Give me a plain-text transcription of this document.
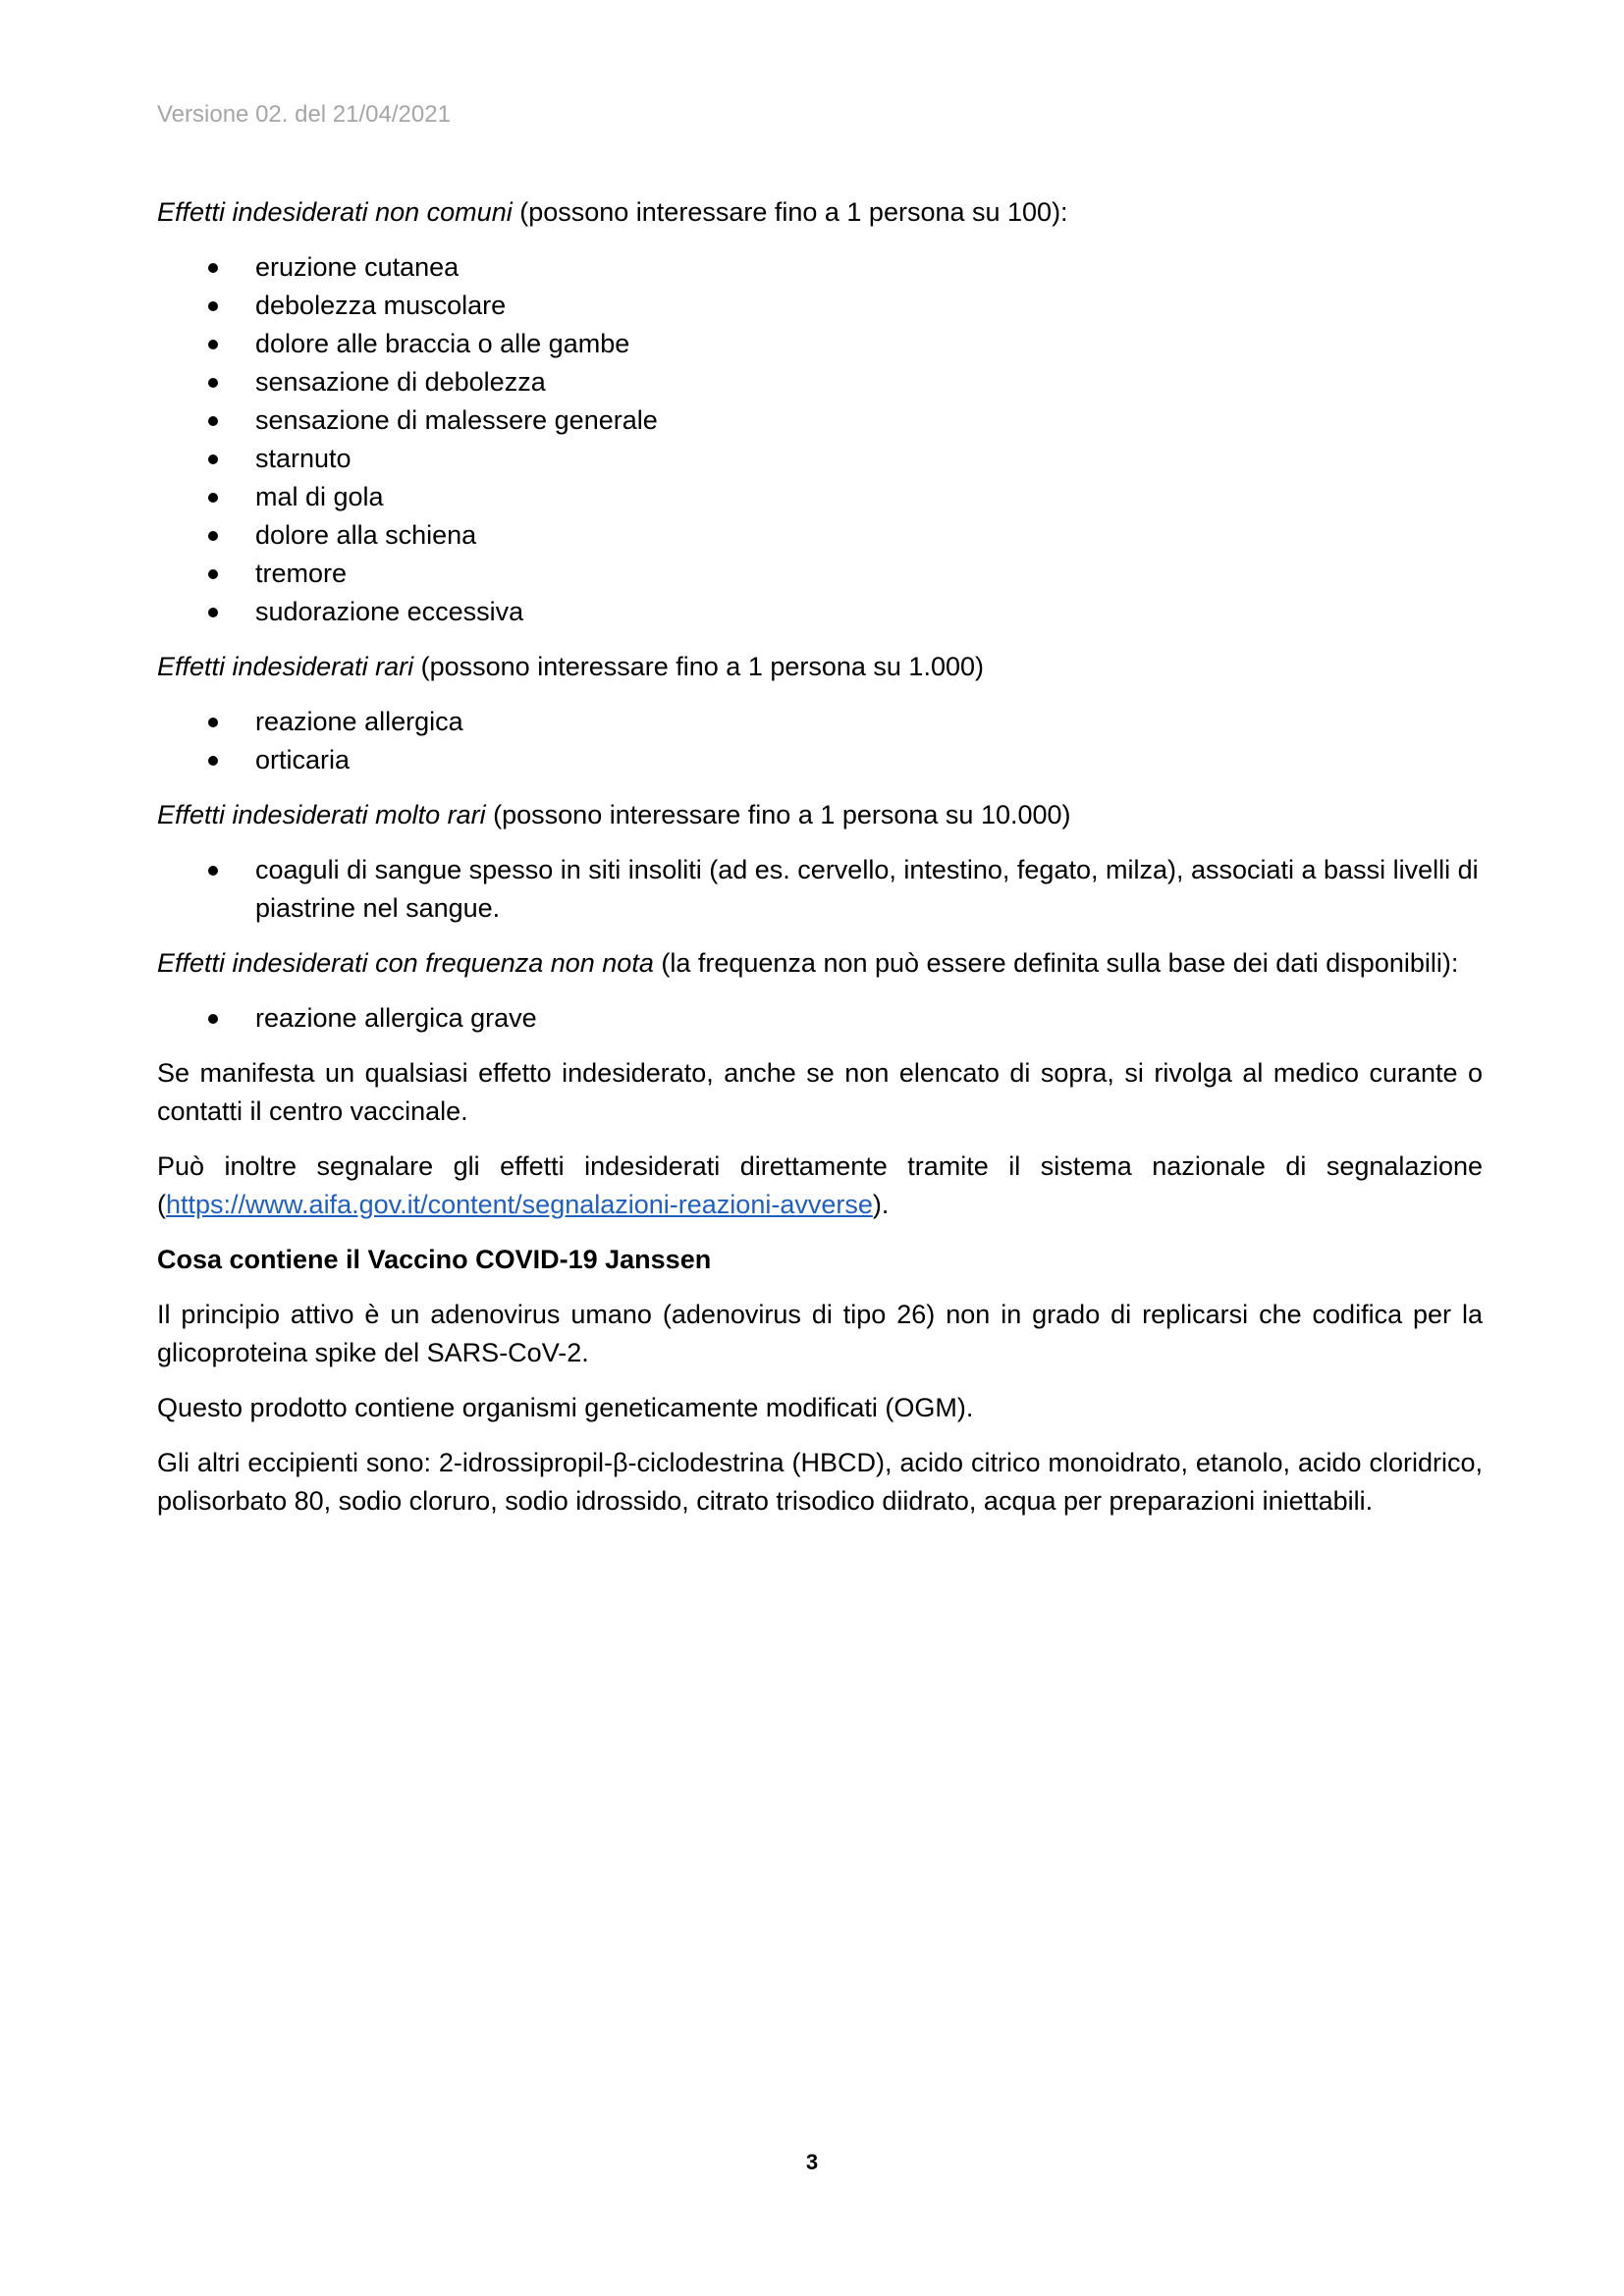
Versione 02. del 21/04/2021

Effetti indesiderati non comuni (possono interessare fino a 1 persona su 100):

eruzione cutanea
debolezza muscolare
dolore alle braccia o alle gambe
sensazione di debolezza
sensazione di malessere generale
starnuto
mal di gola
dolore alla schiena
tremore
sudorazione eccessiva

Effetti indesiderati rari (possono interessare fino a 1 persona su 1.000)

reazione allergica
orticaria

Effetti indesiderati molto rari (possono interessare fino a 1 persona su 10.000)

coaguli di sangue spesso in siti insoliti (ad es. cervello, intestino, fegato, milza), associati a bassi livelli di piastrine nel sangue.

Effetti indesiderati con frequenza non nota (la frequenza non può essere definita sulla base dei dati disponibili):

reazione allergica grave

Se manifesta un qualsiasi effetto indesiderato, anche se non elencato di sopra, si rivolga al medico curante o contatti il centro vaccinale.

Può inoltre segnalare gli effetti indesiderati direttamente tramite il sistema nazionale di segnalazione (https://www.aifa.gov.it/content/segnalazioni-reazioni-avverse).

Cosa contiene il Vaccino COVID-19 Janssen

Il principio attivo è un adenovirus umano (adenovirus di tipo 26) non in grado di replicarsi che codifica per la glicoproteina spike del SARS-CoV-2.

Questo prodotto contiene organismi geneticamente modificati (OGM).

Gli altri eccipienti sono: 2-idrossipropil-β-ciclodestrina (HBCD), acido citrico monoidrato, etanolo, acido cloridrico, polisorbato 80, sodio cloruro, sodio idrossido, citrato trisodico diidrato, acqua per preparazioni iniettabili.

3
